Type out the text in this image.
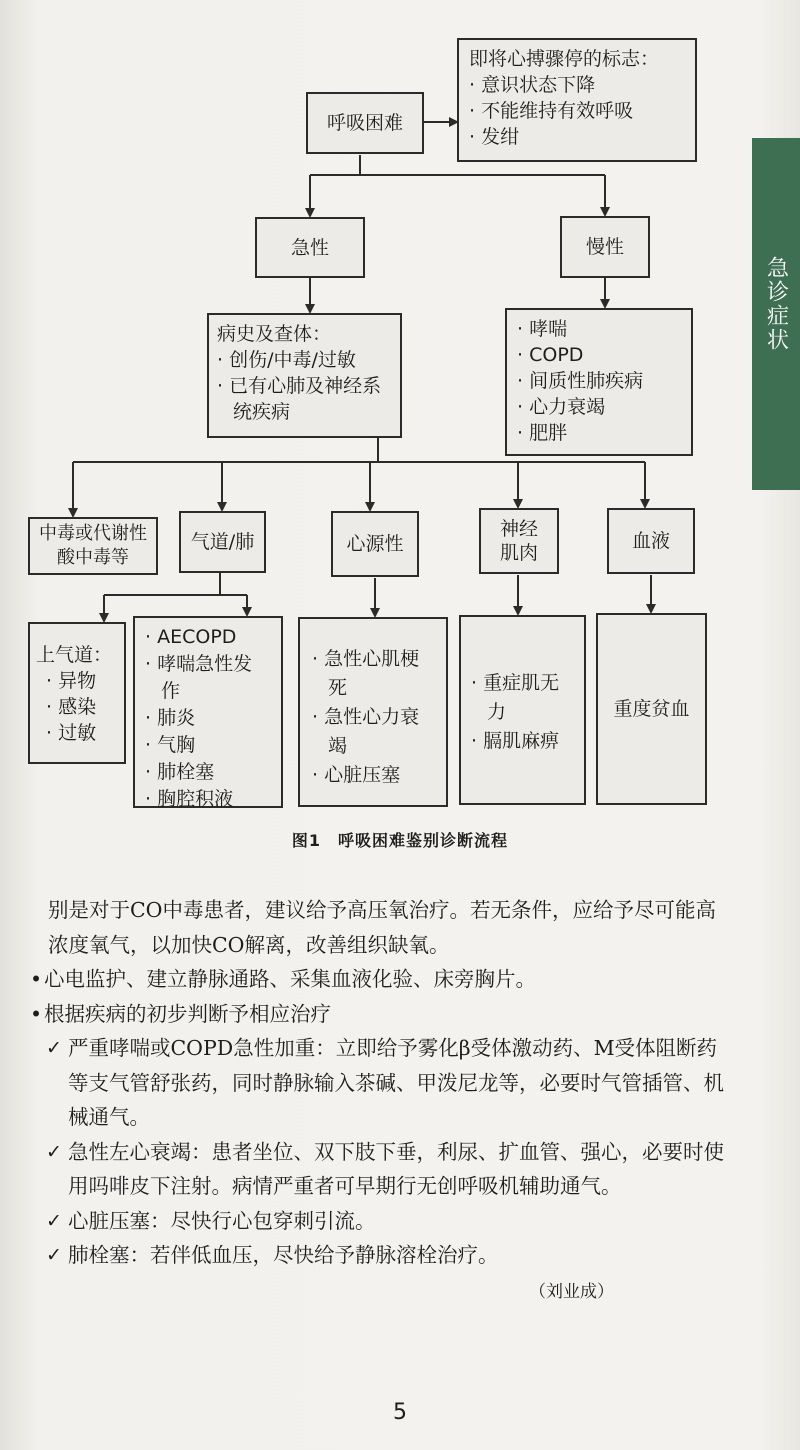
急诊症状
呼吸困难
即将心搏骤停的标志：
· 意识状态下降
· 不能维持有效呼吸
· 发绀
急性	慢性
病史及查体：
· 创伤/中毒/过敏
· 已有心肺及神经系统疾病
· 哮喘
· COPD
· 间质性肺疾病
· 心力衰竭
· 肥胖
中毒或代谢性酸中毒等
气道/肺	心源性
神经肌肉
血液
上气道：
· 异物
· 感染
· 过敏
· AECOPD
· 哮喘急性发作
· 肺炎
· 气胸
· 肺栓塞
· 胸腔积液
· 急性心肌梗死
· 急性心力衰竭
· 心脏压塞
· 重症肌无力
· 膈肌麻痹
重度贫血
图1　呼吸困难鉴别诊断流程

别是对于CO中毒患者，建议给予高压氧治疗。若无条件，应给予尽可能高浓度氧气，以加快CO解离，改善组织缺氧。

• 心电监护、建立静脉通路、采集血液化验、床旁胸片。
• 根据疾病的初步判断予相应治疗
✓ 严重哮喘或COPD急性加重：立即给予雾化β受体激动药、M受体阻断药等支气管舒张药，同时静脉输入茶碱、甲泼尼龙等，必要时气管插管、机械通气。
✓ 急性左心衰竭：患者坐位、双下肢下垂，利尿、扩血管、强心，必要时使用吗啡皮下注射。病情严重者可早期行无创呼吸机辅助通气。
✓ 心脏压塞：尽快行心包穿刺引流。
✓ 肺栓塞：若伴低血压，尽快给予静脉溶栓治疗。
（刘业成）
5
